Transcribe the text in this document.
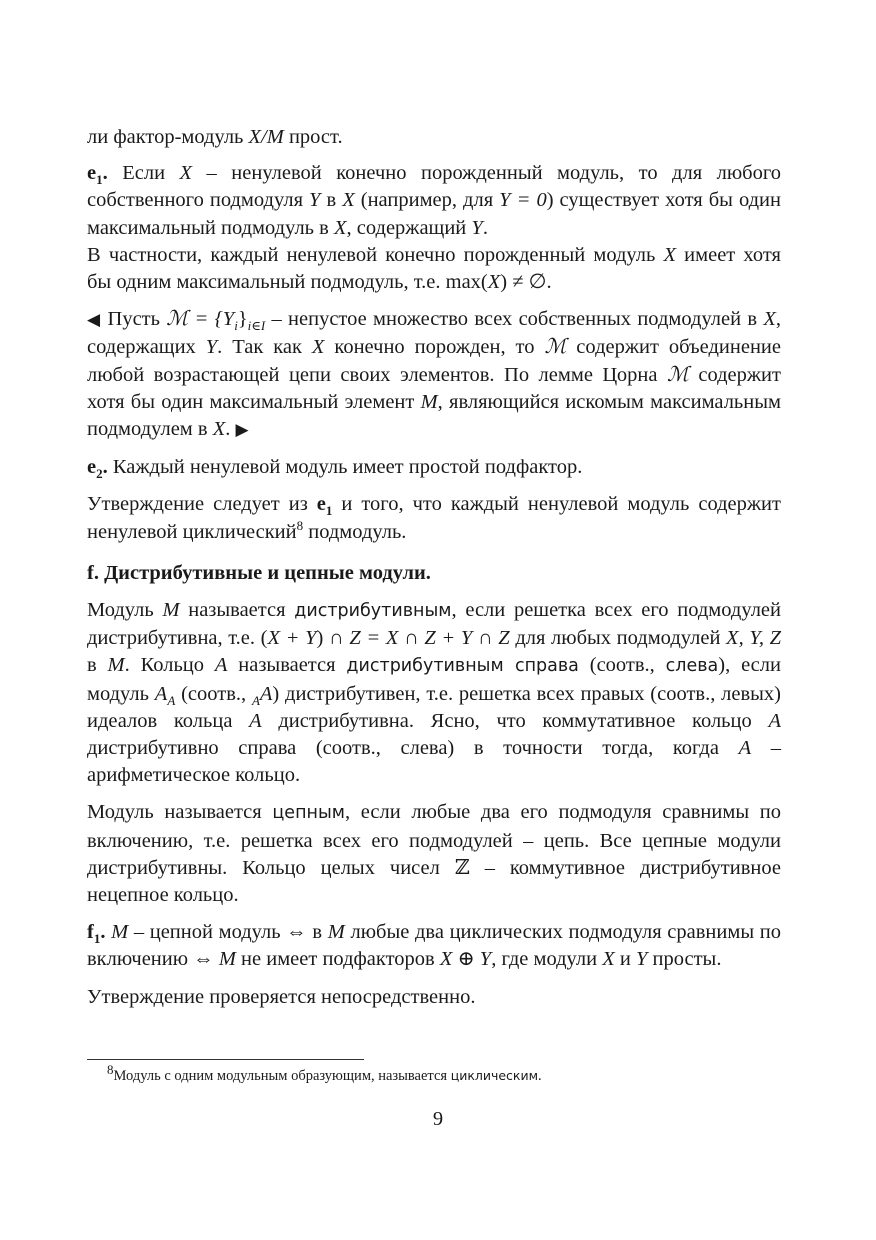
ли фактор-модуль X/M прост.

$e_1$. Если X – ненулевой конечно порожденный модуль, то для любого собственного подмодуля Y в X (например, для Y = 0) существует хотя бы один максимальный подмодуль в X, содержащий Y.

В частности, каждый ненулевой конечно порожденный модуль X имеет хотя бы одним максимальный подмодуль, т.е. max(X) ≠ ∅.

◀ Пусть ℳ = $\{Y_i\}_{i\in I}$ – непустое множество всех собственных подмодулей в X, содержащих Y. Так как X конечно порожден, то ℳ содержит объединение любой возрастающей цепи своих элементов. По лемме Цорна ℳ содержит хотя бы один максимальный элемент M, являющийся искомым максимальным подмодулем в X. ▶

$e_2$. Каждый ненулевой модуль имеет простой подфактор.

Утверждение следует из $e_1$ и того, что каждый ненулевой модуль содержит ненулевой циклический$^8$ подмодуль.

f. Дистрибутивные и цепные модули.

Модуль M называется дистрибутивным, если решетка всех его подмодулей дистрибутивна, т.е. (X + Y) ∩ Z = X ∩ Z + Y ∩ Z для любых подмодулей X, Y, Z в M. Кольцо A называется дистрибутивным справа (соотв., слева), если модуль $A_A$ (соотв., $_A$A) дистрибутивен, т.е. решетка всех правых (соотв., левых) идеалов кольца A дистрибутивна. Ясно, что коммутативное кольцо A дистрибутивно справа (соотв., слева) в точности тогда, когда A – арифметическое кольцо.

Модуль называется цепным, если любые два его подмодуля сравнимы по включению, т.е. решетка всех его подмодулей – цепь. Все цепные модули дистрибутивны. Кольцо целых чисел ℤ – коммутивное дистрибутивное нецепное кольцо.

$f_1$. M – цепной модуль ⇔ в M любые два циклических подмодуля сравнимы по включению ⇔ M не имеет подфакторов X ⊕ Y, где модули X и Y просты.

Утверждение проверяется непосредственно.

$^8$Модуль с одним модульным образующим, называется циклическим.
9
